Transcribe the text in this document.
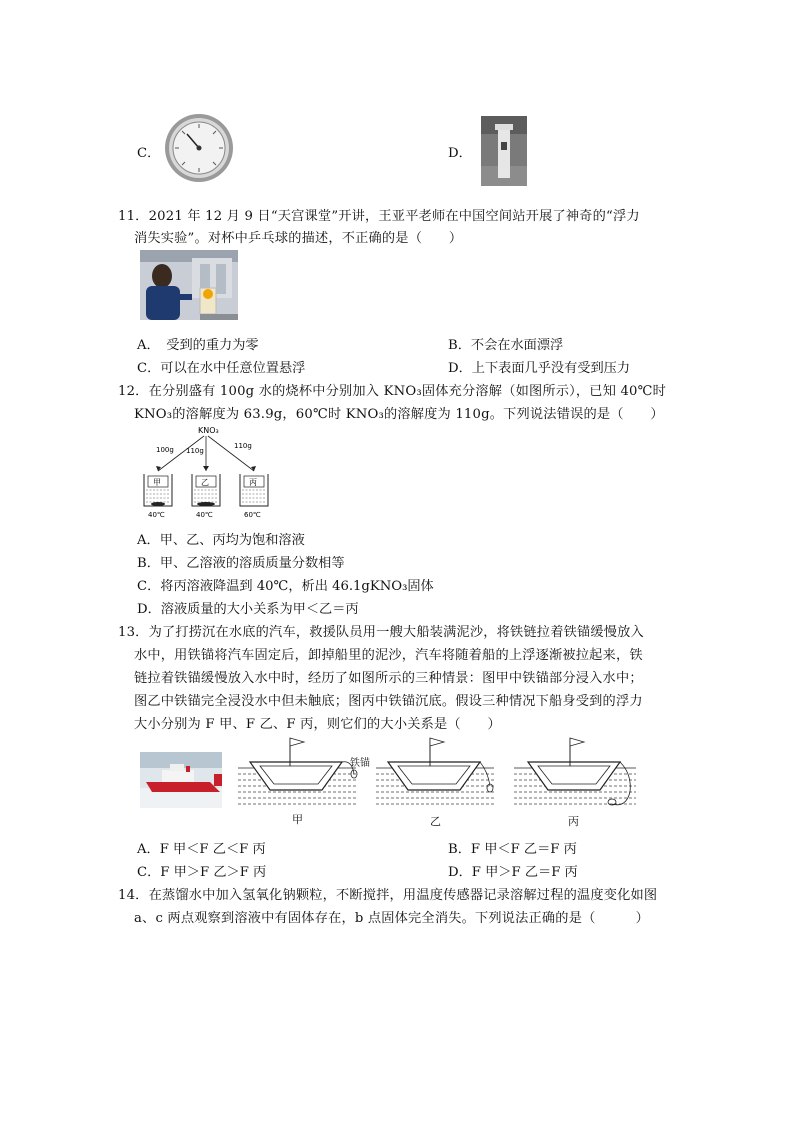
C．	D．
11．2021 年 12 月 9 日“天宫课堂”开讲，王亚平老师在中国空间站开展了神奇的“浮力
消失实验”。对杯中乒乓球的描述，不正确的是（　　）
A．　受到的重力为零	B．不会在水面漂浮
C．可以在水中任意位置悬浮	D．上下表面几乎没有受到压力
12．在分别盛有 100g 水的烧杯中分别加入 KNO₃固体充分溶解（如图所示），已知 40℃时
KNO₃的溶解度为 63.9g，60℃时 KNO₃的溶解度为 110g。下列说法错误的是（　　）
KNO₃
100g 110g
110g
甲
40℃
乙
40℃
丙
60℃
A．甲、乙、丙均为饱和溶液
B．甲、乙溶液的溶质质量分数相等
C．将丙溶液降温到 40℃，析出 46.1gKNO₃固体
D．溶液质量的大小关系为甲＜乙＝丙
13．为了打捞沉在水底的汽车，救援队员用一艘大船装满泥沙，将铁链拉着铁锚缓慢放入
水中，用铁锚将汽车固定后，卸掉船里的泥沙，汽车将随着船的上浮逐渐被拉起来，铁
链拉着铁锚缓慢放入水中时，经历了如图所示的三种情景：图甲中铁锚部分浸入水中；
图乙中铁锚完全浸没水中但未触底；图丙中铁锚沉底。假设三种情况下船身受到的浮力
大小分别为 F 甲、F 乙、F 丙，则它们的大小关系是（　　）
铁锚
甲	乙	丙
A．F 甲＜F 乙＜F 丙	B．F 甲＜F 乙＝F 丙
C．F 甲＞F 乙＞F 丙	D．F 甲＞F 乙＝F 丙
14．在蒸馏水中加入氢氧化钠颗粒，不断搅拌，用温度传感器记录溶解过程的温度变化如图
a、c 两点观察到溶液中有固体存在，b 点固体完全消失。下列说法正确的是（　　　）
